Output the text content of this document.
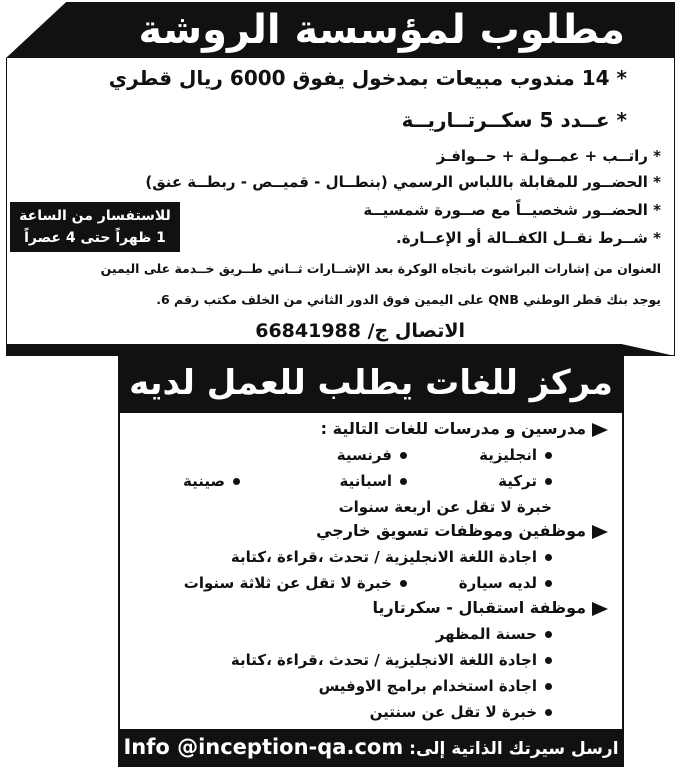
مطلوب لمؤسسة الروشة
* 14 مندوب مبيعات بمدخول يفوق 6000 ريال قطري
* عــدد 5 سكــرتــاريــة
* راتــب + عمــولـة + حــوافـز
* الحضــور للمقابلة باللباس الرسمي (بنطــال - قميــص - ربطــة عنق)
* الحضــور شخصيــاً مع صــورة شمسيــة
* شــرط نقــل الكفــالة أو الإعــارة.
للاستفسار من الساعة
1 ظهراً حتى 4 عصراً
العنوان من إشارات البراشوت باتجاه الوكرة بعد الإشــارات ثــاني طــريق خــدمة على اليمين
يوجد بنك قطر الوطني QNB على اليمين فوق الدور الثاني من الخلف مكتب رقم 6.
الاتصال ج/ 66841988
مركز للغات يطلب للعمل لديه
مدرسين و مدرسات للغات التالية :
انجليزية
فرنسية
تركية
اسبانية
صينية
خبرة لا تقل عن اربعة سنوات
موظفين وموظفات تسويق خارجي
اجادة اللغة الانجليزية / تحدث ،قراءة ،كتابة
لديه سيارة
خبرة لا تقل عن ثلاثة سنوات
موظفة استقبال - سكرتاريا
حسنة المظهر
اجادة اللغة الانجليزية / تحدث ،قراءة ،كتابة
اجادة استخدام برامج الاوفيس
خبرة لا تقل عن سنتين
ارسل سيرتك الذاتية إلى: Info @inception-qa.com
